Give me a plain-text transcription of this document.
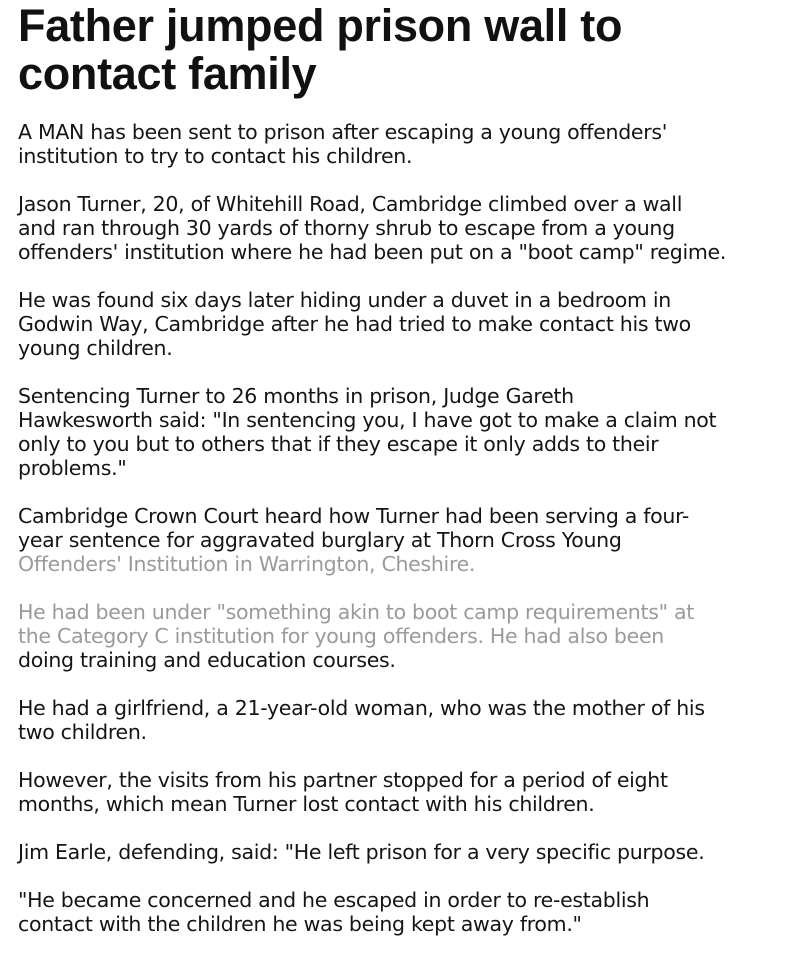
Father jumped prison wall to
contact family

A MAN has been sent to prison after escaping a young offenders'
institution to try to contact his children.

Jason Turner, 20, of Whitehill Road, Cambridge climbed over a wall
and ran through 30 yards of thorny shrub to escape from a young
offenders' institution where he had been put on a "boot camp" regime.

He was found six days later hiding under a duvet in a bedroom in
Godwin Way, Cambridge after he had tried to make contact his two
young children.

Sentencing Turner to 26 months in prison, Judge Gareth
Hawkesworth said: "In sentencing you, I have got to make a claim not
only to you but to others that if they escape it only adds to their
problems."

Cambridge Crown Court heard how Turner had been serving a four-
year sentence for aggravated burglary at Thorn Cross Young
Offenders' Institution in Warrington, Cheshire.

He had been under "something akin to boot camp requirements" at
the Category C institution for young offenders. He had also been
doing training and education courses.

He had a girlfriend, a 21-year-old woman, who was the mother of his
two children.

However, the visits from his partner stopped for a period of eight
months, which mean Turner lost contact with his children.

Jim Earle, defending, said: "He left prison for a very specific purpose.

"He became concerned and he escaped in order to re-establish
contact with the children he was being kept away from."
